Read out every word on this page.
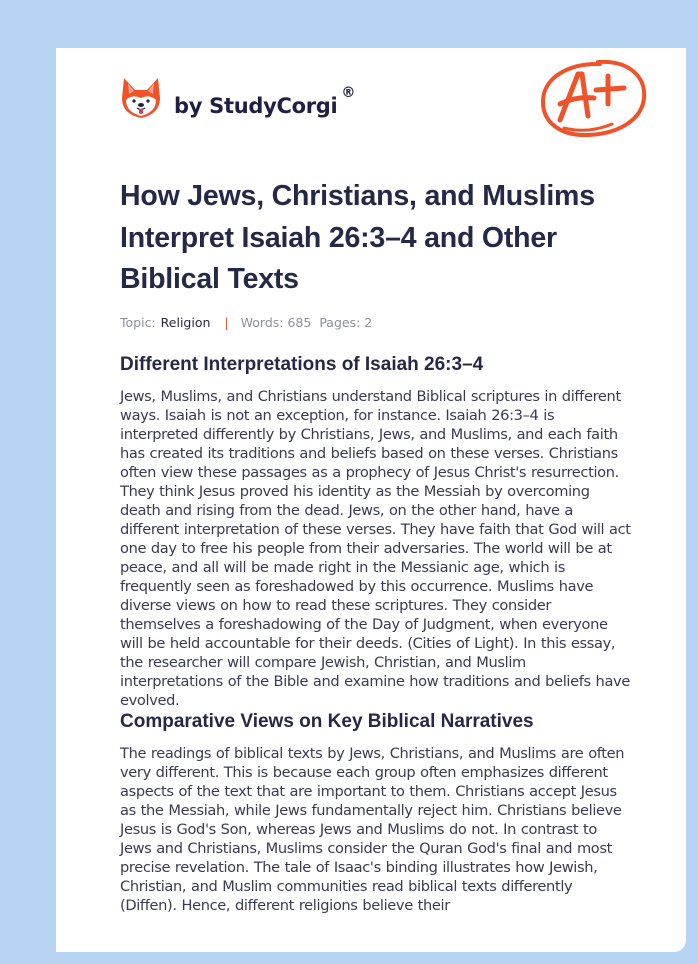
by StudyCorgi
®
How Jews, Christians, and Muslims Interpret Isaiah 26:3–4 and Other Biblical Texts
Topic: Religion | Words: 685 Pages: 2
Different Interpretations of Isaiah 26:3–4

Jews, Muslims, and Christians understand Biblical scriptures in different ways. Isaiah is not an exception, for instance. Isaiah 26:3–4 is interpreted differently by Christians, Jews, and Muslims, and each faith has created its traditions and beliefs based on these verses. Christians often view these passages as a prophecy of Jesus Christ's resurrection. They think Jesus proved his identity as the Messiah by overcoming death and rising from the dead. Jews, on the other hand, have a different interpretation of these verses. They have faith that God will act one day to free his people from their adversaries. The world will be at peace, and all will be made right in the Messianic age, which is frequently seen as foreshadowed by this occurrence. Muslims have diverse views on how to read these scriptures. They consider themselves a foreshadowing of the Day of Judgment, when everyone will be held accountable for their deeds. (Cities of Light). In this essay, the researcher will compare Jewish, Christian, and Muslim interpretations of the Bible and examine how traditions and beliefs have evolved.

Comparative Views on Key Biblical Narratives

The readings of biblical texts by Jews, Christians, and Muslims are often very different. This is because each group often emphasizes different aspects of the text that are important to them. Christians accept Jesus as the Messiah, while Jews fundamentally reject him. Christians believe Jesus is God's Son, whereas Jews and Muslims do not. In contrast to Jews and Christians, Muslims consider the Quran God's final and most precise revelation. The tale of Isaac's binding illustrates how Jewish, Christian, and Muslim communities read biblical texts differently (Diffen). Hence, different religions believe their
